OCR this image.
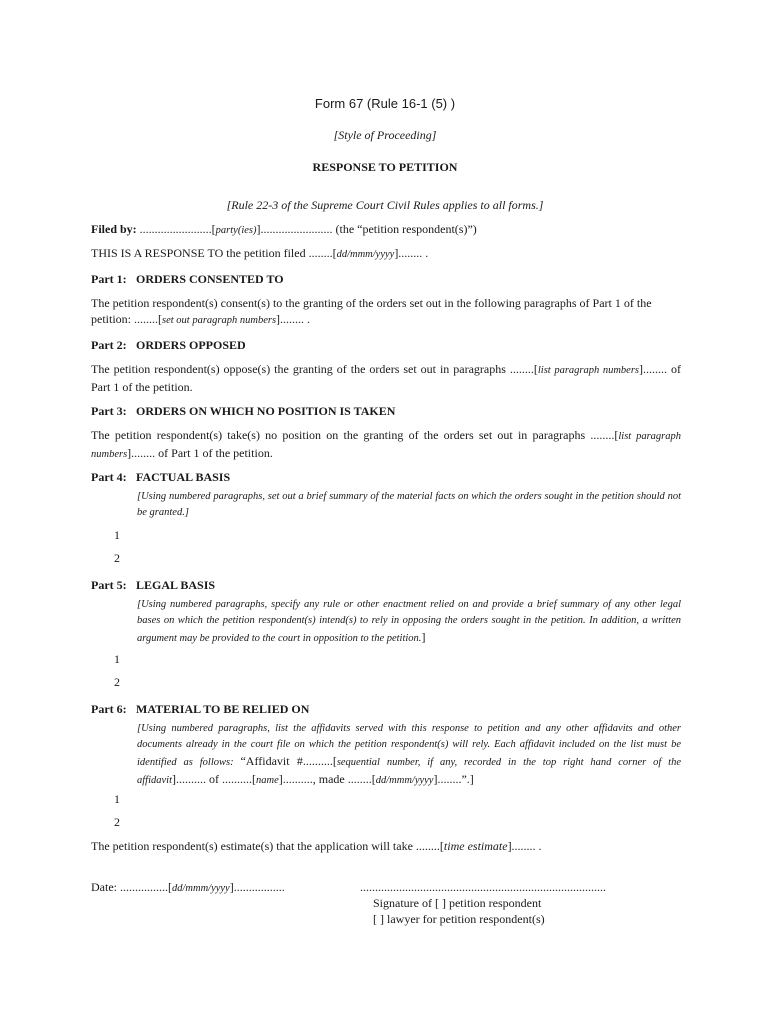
Form 67 (Rule 16-1 (5) )
[Style of Proceeding]
RESPONSE TO PETITION
[Rule 22-3 of the Supreme Court Civil Rules applies to all forms.]
Filed by: ........................[party(ies)]........................ (the “petition respondent(s)”)
THIS IS A RESPONSE TO the petition filed ........[dd/mmm/yyyy]........ .
Part 1: ORDERS CONSENTED TO
The petition respondent(s) consent(s) to the granting of the orders set out in the following paragraphs of Part 1 of the petition: ........[set out paragraph numbers]........ .
Part 2: ORDERS OPPOSED
The petition respondent(s) oppose(s) the granting of the orders set out in paragraphs ........[list paragraph numbers]........ of Part 1 of the petition.
Part 3: ORDERS ON WHICH NO POSITION IS TAKEN
The petition respondent(s) take(s) no position on the granting of the orders set out in paragraphs ........[list paragraph numbers]........ of Part 1 of the petition.
Part 4: FACTUAL BASIS
[Using numbered paragraphs, set out a brief summary of the material facts on which the orders sought in the petition should not be granted.]
1
2
Part 5: LEGAL BASIS
[Using numbered paragraphs, specify any rule or other enactment relied on and provide a brief summary of any other legal bases on which the petition respondent(s) intend(s) to rely in opposing the orders sought in the petition. In addition, a written argument may be provided to the court in opposition to the petition.]
1
2
Part 6: MATERIAL TO BE RELIED ON
[Using numbered paragraphs, list the affidavits served with this response to petition and any other affidavits and other documents already in the court file on which the petition respondent(s) will rely. Each affidavit included on the list must be identified as follows: “Affidavit #..........[sequential number, if any, recorded in the top right hand corner of the affidavit].......... of ..........[name].........., made ........[dd/mmm/yyyy]........”.]
1
2
The petition respondent(s) estimate(s) that the application will take ........[time estimate]........ .
Date: ................[dd/mmm/yyyy].................	..................................................................................
Signature of [ ] petition respondent
[ ] lawyer for petition respondent(s)
